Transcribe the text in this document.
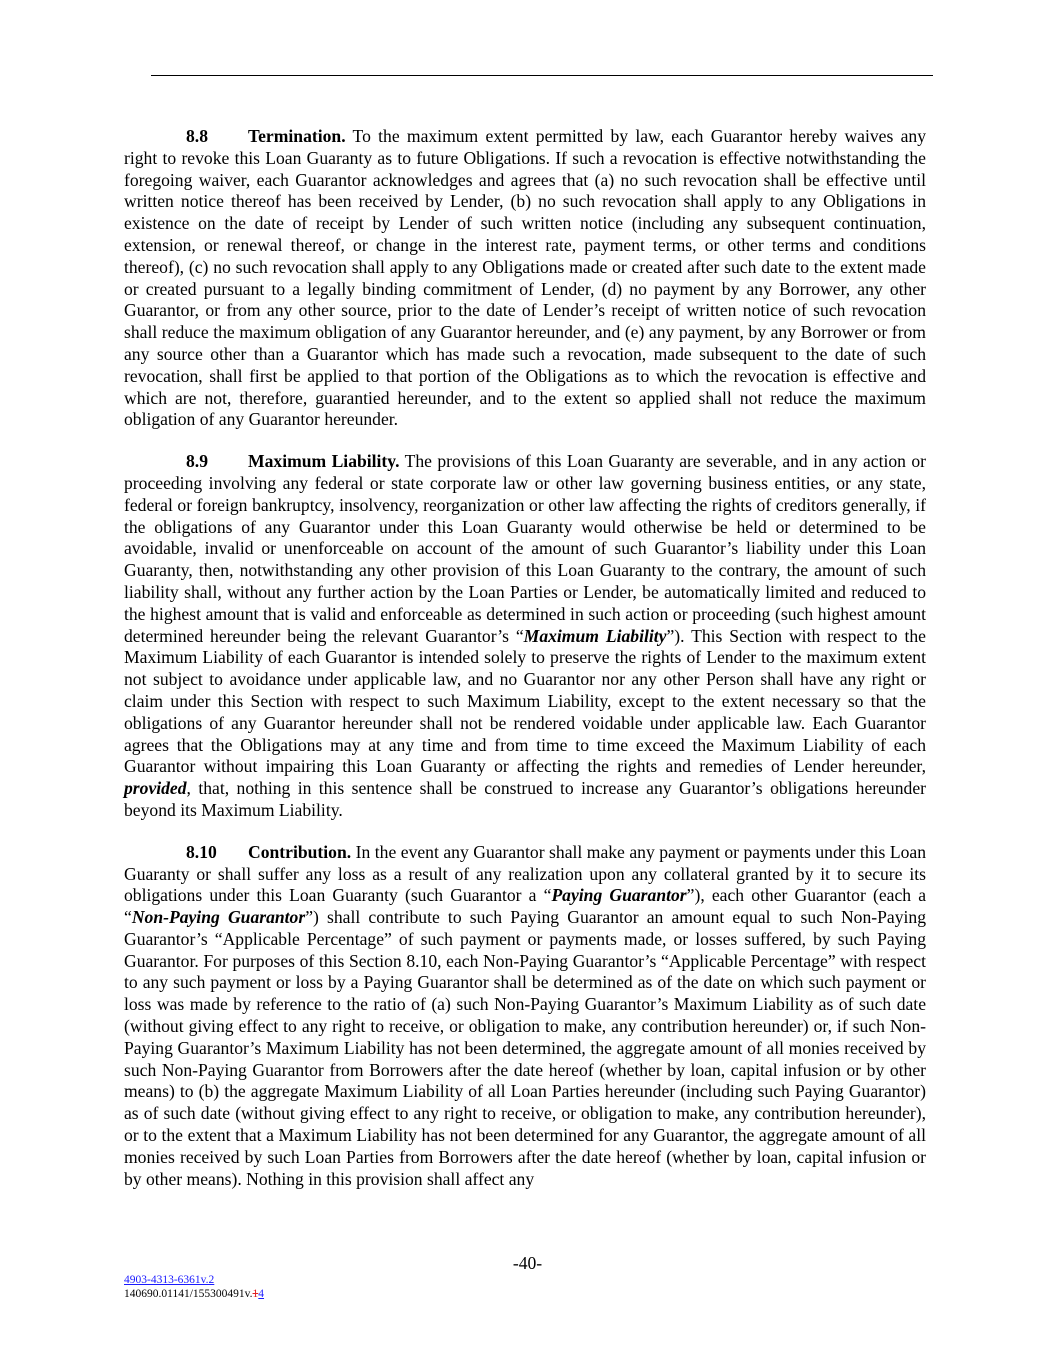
8.8 Termination. To the maximum extent permitted by law, each Guarantor hereby waives any right to revoke this Loan Guaranty as to future Obligations. If such a revocation is effective notwithstanding the foregoing waiver, each Guarantor acknowledges and agrees that (a) no such revocation shall be effective until written notice thereof has been received by Lender, (b) no such revocation shall apply to any Obligations in existence on the date of receipt by Lender of such written notice (including any subsequent continuation, extension, or renewal thereof, or change in the interest rate, payment terms, or other terms and conditions thereof), (c) no such revocation shall apply to any Obligations made or created after such date to the extent made or created pursuant to a legally binding commitment of Lender, (d) no payment by any Borrower, any other Guarantor, or from any other source, prior to the date of Lender’s receipt of written notice of such revocation shall reduce the maximum obligation of any Guarantor hereunder, and (e) any payment, by any Borrower or from any source other than a Guarantor which has made such a revocation, made subsequent to the date of such revocation, shall first be applied to that portion of the Obligations as to which the revocation is effective and which are not, therefore, guarantied hereunder, and to the extent so applied shall not reduce the maximum obligation of any Guarantor hereunder.

8.9 Maximum Liability. The provisions of this Loan Guaranty are severable, and in any action or proceeding involving any federal or state corporate law or other law governing business entities, or any state, federal or foreign bankruptcy, insolvency, reorganization or other law affecting the rights of creditors generally, if the obligations of any Guarantor under this Loan Guaranty would otherwise be held or determined to be avoidable, invalid or unenforceable on account of the amount of such Guarantor’s liability under this Loan Guaranty, then, notwithstanding any other provision of this Loan Guaranty to the contrary, the amount of such liability shall, without any further action by the Loan Parties or Lender, be automatically limited and reduced to the highest amount that is valid and enforceable as determined in such action or proceeding (such highest amount determined hereunder being the relevant Guarantor’s “Maximum Liability”). This Section with respect to the Maximum Liability of each Guarantor is intended solely to preserve the rights of Lender to the maximum extent not subject to avoidance under applicable law, and no Guarantor nor any other Person shall have any right or claim under this Section with respect to such Maximum Liability, except to the extent necessary so that the obligations of any Guarantor hereunder shall not be rendered voidable under applicable law. Each Guarantor agrees that the Obligations may at any time and from time to time exceed the Maximum Liability of each Guarantor without impairing this Loan Guaranty or affecting the rights and remedies of Lender hereunder, provided, that, nothing in this sentence shall be construed to increase any Guarantor’s obligations hereunder beyond its Maximum Liability.

8.10 Contribution. In the event any Guarantor shall make any payment or payments under this Loan Guaranty or shall suffer any loss as a result of any realization upon any collateral granted by it to secure its obligations under this Loan Guaranty (such Guarantor a “Paying Guarantor”), each other Guarantor (each a “Non-Paying Guarantor”) shall contribute to such Paying Guarantor an amount equal to such Non-Paying Guarantor’s “Applicable Percentage” of such payment or payments made, or losses suffered, by such Paying Guarantor. For purposes of this Section 8.10, each Non-Paying Guarantor’s “Applicable Percentage” with respect to any such payment or loss by a Paying Guarantor shall be determined as of the date on which such payment or loss was made by reference to the ratio of (a) such Non-Paying Guarantor’s Maximum Liability as of such date (without giving effect to any right to receive, or obligation to make, any contribution hereunder) or, if such Non-Paying Guarantor’s Maximum Liability has not been determined, the aggregate amount of all monies received by such Non-Paying Guarantor from Borrowers after the date hereof (whether by loan, capital infusion or by other means) to (b) the aggregate Maximum Liability of all Loan Parties hereunder (including such Paying Guarantor) as of such date (without giving effect to any right to receive, or obligation to make, any contribution hereunder), or to the extent that a Maximum Liability has not been determined for any Guarantor, the aggregate amount of all monies received by such Loan Parties from Borrowers after the date hereof (whether by loan, capital infusion or by other means). Nothing in this provision shall affect any

-40-
4903-4313-6361v.2
140690.01141/155300491v.14
